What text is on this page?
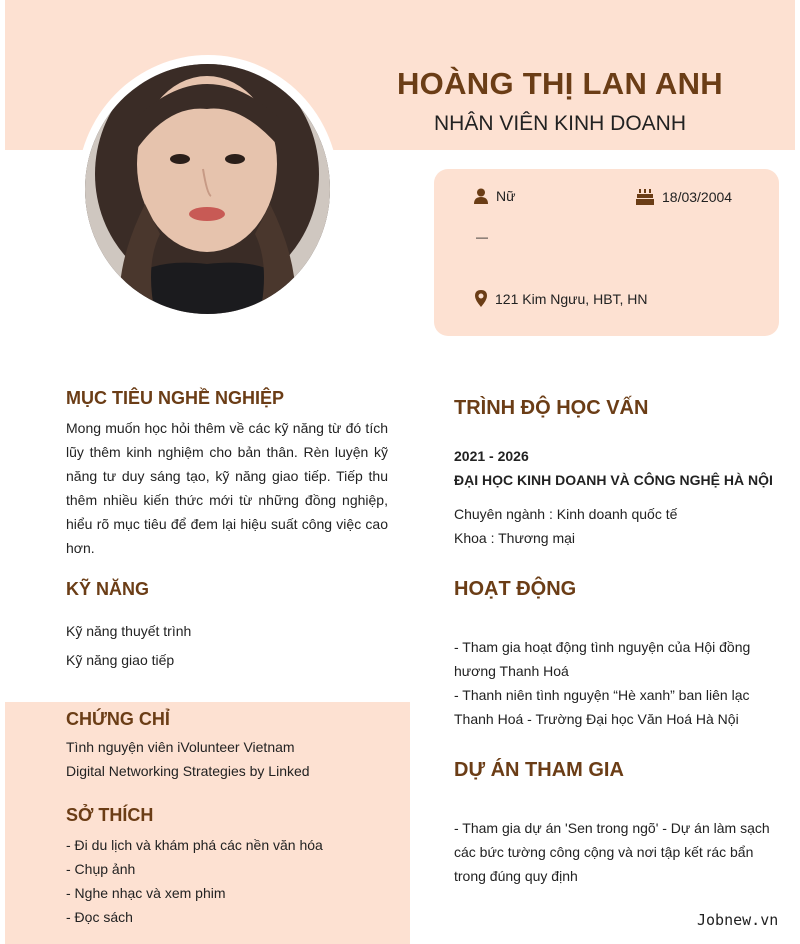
HOÀNG THỊ LAN ANH
NHÂN VIÊN KINH DOANH
Nữ	18/03/2004
—
121 Kim Ngưu, HBT, HN
MỤC TIÊU NGHỀ NGHIỆP
Mong muốn học hỏi thêm về các kỹ năng từ đó tích
lũy thêm kinh nghiệm cho bản thân. Rèn luyện kỹ
năng tư duy sáng tạo, kỹ năng giao tiếp. Tiếp thu
thêm nhiều kiến thức mới từ những đồng nghiệp,
hiểu rõ mục tiêu để đem lại hiệu suất công việc cao
hơn.
KỸ NĂNG
Kỹ năng thuyết trình
Kỹ năng giao tiếp
CHỨNG CHỈ
Tình nguyện viên iVolunteer Vietnam
Digital Networking Strategies by Linked
SỞ THÍCH
- Đi du lịch và khám phá các nền văn hóa
- Chụp ảnh
- Nghe nhạc và xem phim
- Đọc sách
TRÌNH ĐỘ HỌC VẤN
2021 - 2026
ĐẠI HỌC KINH DOANH VÀ CÔNG NGHỆ HÀ NỘI
Chuyên ngành : Kinh doanh quốc tế
Khoa : Thương mại
HOẠT ĐỘNG
- Tham gia hoạt động tình nguyện của Hội đồng
hương Thanh Hoá
- Thanh niên tình nguyện “Hè xanh” ban liên lạc
Thanh Hoá - Trường Đại học Văn Hoá Hà Nội
DỰ ÁN THAM GIA
- Tham gia dự án 'Sen trong ngõ' - Dự án làm sạch
các bức tường công cộng và nơi tập kết rác bẩn
trong đúng quy định
Jobnew.vn
